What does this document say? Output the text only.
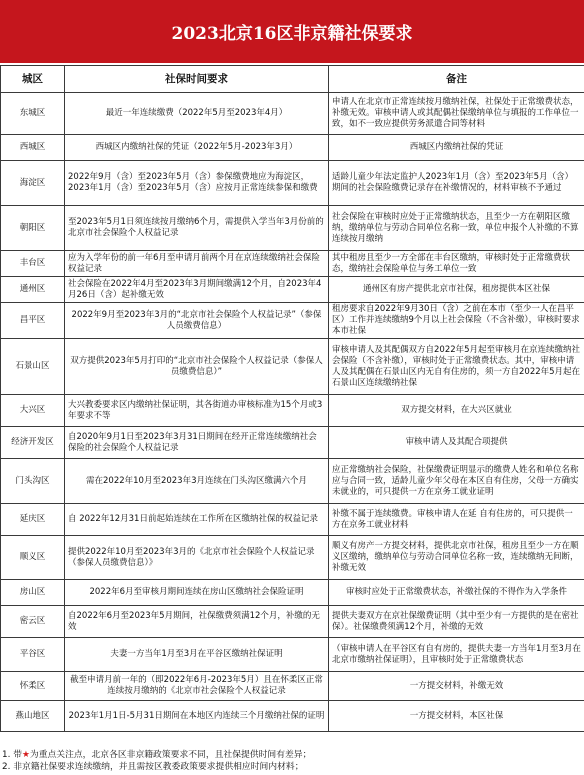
2023北京16区非京籍社保要求
城区	社保时间要求	备注
东城区	最近一年连续缴费（2022年5月至2023年4月）	申请人在北京市正常连续按月缴纳社保，社保处于正常缴费状态，补缴无效。审核申请人或其配偶社保缴纳单位与填报的工作单位一致，如不一致应提供劳务派遣合同等材料
西城区	西城区内缴纳社保的凭证（2022年5月-2023年3月）	西城区内缴纳社保的凭证
海淀区	2022年9月（含）至2023年5月（含）参保缴费地应为海淀区，2023年1月（含）至2023年5月（含）应按月正常连续参保和缴费	适龄儿童少年法定监护人2023年1月（含）至2023年5月（含）期间的社会保险缴费记录存在补缴情况的，材料审核不予通过
朝阳区	至2023年5月1日须连续按月缴纳6个月，需提供入学当年3月份前的北京市社会保险个人权益记录	社会保险在审核时应处于正常缴纳状态，且至少一方在朝阳区缴纳，缴纳单位与劳动合同单位名称一致，单位申报个人补缴的不算连续按月缴纳
丰台区	应为入学年份的前一年6月至申请月前两个月在京连续缴纳社会保险权益记录	其中租房且至少一方全部在丰台区缴纳，审核时处于正常缴费状态，缴纳社会保险单位与务工单位一致
通州区	社会保险在2022年4月至2023年3月期间缴满12个月，自2023年4月26日（含）起补缴无效	通州区有房产提供北京市社保，租房提供本区社保
昌平区	2022年9月至2023年3月的“北京市社会保险个人权益记录”（参保人员缴费信息）	租房要求自2022年9月30日（含）之前在本市（至少一人在昌平区）工作并连续缴纳9个月以上社会保险（不含补缴），审核时要求本市社保
石景山区	双方提供2023年5月打印的“北京市社会保险个人权益记录（参保人员缴费信息）”	审核申请人及其配偶双方自2022年5月起至审核月在京连续缴纳社会保险（不含补缴），审核时处于正常缴费状态。其中，审核申请人及其配偶在石景山区内无自有住房的，须一方自2022年5月起在石景山区连续缴纳社保
大兴区	大兴教委要求区内缴纳社保证明，其各街道办审核标准为15个月或3年要求不等	双方提交材料，在大兴区就业
经济开发区	自2020年9月1日至2023年3月31日期间在经开正常连续缴纳社会保险的社会保险个人权益记录	审核申请人及其配合项提供
门头沟区	需在2022年10月至2023年3月连续在门头沟区缴满六个月	应正常缴纳社会保险，社保缴费证明显示的缴费人姓名和单位名称应与合同一致，适龄儿童少年父母在本区自有住房，父母一方确实未就业的，可只提供一方在京务工就业证明
延庆区	自 2022年12月31日前起始连续在工作所在区缴纳社保的权益记录	补缴不属于连续缴费。审核申请人在延 自有住房的，可只提供一方在京务工就业材料
顺义区	提供2022年10月至2023年3月的《北京市社会保险个人权益记录（参保人员缴费信息）》	顺义有房产一方提交材料，提供北京市社保，租房且至少一方在顺义区缴纳，缴纳单位与劳动合同单位名称一致，连续缴纳无间断，补缴无效
房山区	2022年6月至审核月期间连续在房山区缴纳社会保险证明	审核时应处于正常缴费状态，补缴社保的不得作为入学条件
密云区	自2022年6月至2023年5月期间，社保缴费须满12个月，补缴的无效	提供夫妻双方在京社保缴费证明（其中至少有一方提供的是在密社保）。社保缴费须满12个月，补缴的无效
平谷区	夫妻一方当年1月至3月在平谷区缴纳社保证明	（审核申请人在平谷区有自有房的，提供夫妻一方当年1月至3月在北京市缴纳社保证明），且审核时处于正常缴费状态
怀柔区	截至申请月前一年的（即2022年6月-2023年5月）且在怀柔区正常连续按月缴纳的《北京市社会保险个人权益记录	一方提交材料，补缴无效
燕山地区	2023年1月1日-5月31日期间在本地区内连续三个月缴纳社保的证明	一方提交材料，本区社保
1. 带★为重点关注点，北京各区非京籍政策要求不同，且社保提供时间有差异；
2. 非京籍社保要求连续缴纳，并且需按区教委政策要求提供相应时间内材料；
